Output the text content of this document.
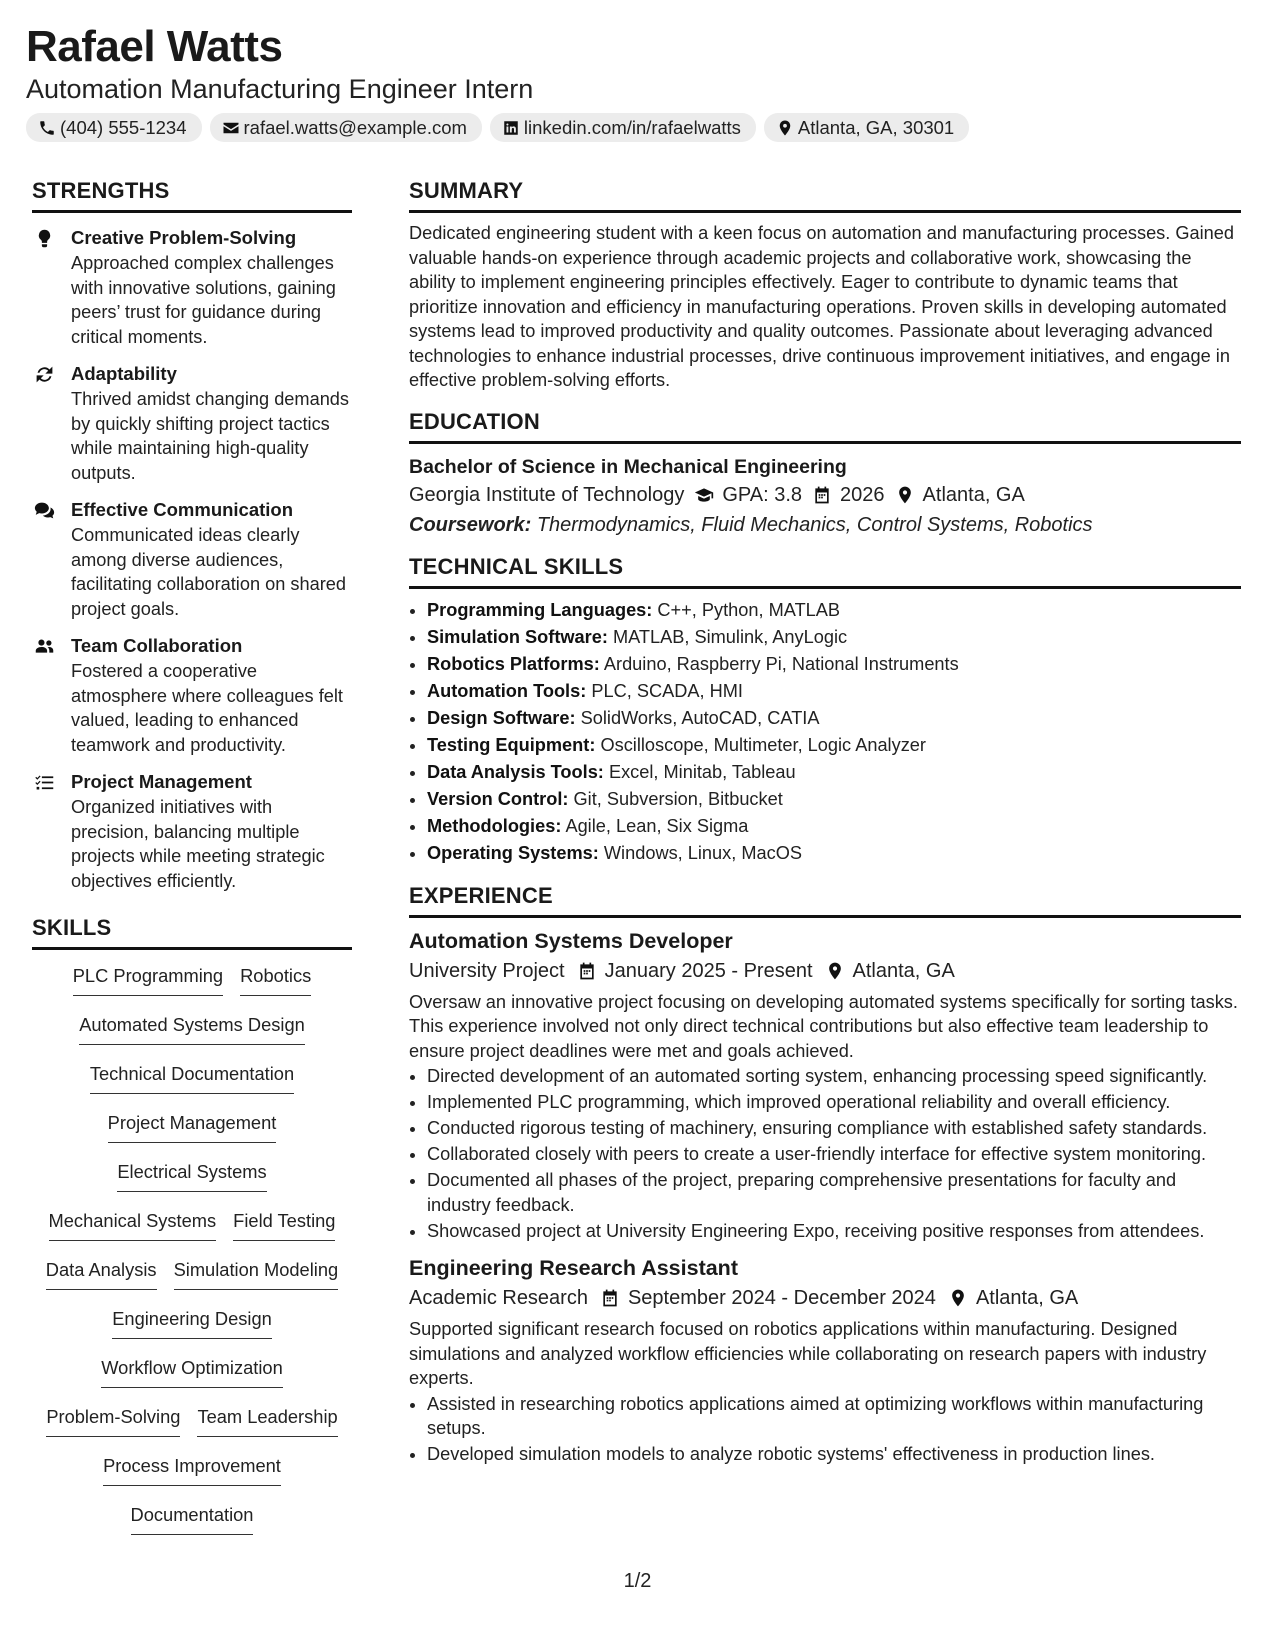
Rafael Watts
Automation Manufacturing Engineer Intern
(404) 555-1234	rafael.watts@example.com	linkedin.com/in/rafaelwatts	Atlanta, GA, 30301
STRENGTHS
Creative Problem-Solving
Approached complex challenges with innovative solutions, gaining peers’ trust for guidance during critical moments.
Adaptability
Thrived amidst changing demands by quickly shifting project tactics while maintaining high-quality outputs.
Effective Communication
Communicated ideas clearly among diverse audiences, facilitating collaboration on shared project goals.
Team Collaboration
Fostered a cooperative atmosphere where colleagues felt valued, leading to enhanced teamwork and productivity.
Project Management
Organized initiatives with precision, balancing multiple projects while meeting strategic objectives efficiently.
SKILLS
PLC Programming Robotics
Automated Systems Design
Technical Documentation
Project Management
Electrical Systems
Mechanical Systems Field Testing
Data Analysis Simulation Modeling
Engineering Design
Workflow Optimization
Problem-Solving Team Leadership
Process Improvement
Documentation
SUMMARY
Dedicated engineering student with a keen focus on automation and manufacturing processes. Gained valuable hands-on experience through academic projects and collaborative work, showcasing the ability to implement engineering principles effectively. Eager to contribute to dynamic teams that prioritize innovation and efficiency in manufacturing operations. Proven skills in developing automated systems lead to improved productivity and quality outcomes. Passionate about leveraging advanced technologies to enhance industrial processes, drive continuous improvement initiatives, and engage in effective problem-solving efforts.
EDUCATION
Bachelor of Science in Mechanical Engineering
Georgia Institute of Technology GPA: 3.8 2026 Atlanta, GA
Coursework: Thermodynamics, Fluid Mechanics, Control Systems, Robotics
TECHNICAL SKILLS
• Programming Languages: C++, Python, MATLAB
• Simulation Software: MATLAB, Simulink, AnyLogic
• Robotics Platforms: Arduino, Raspberry Pi, National Instruments
• Automation Tools: PLC, SCADA, HMI
• Design Software: SolidWorks, AutoCAD, CATIA
• Testing Equipment: Oscilloscope, Multimeter, Logic Analyzer
• Data Analysis Tools: Excel, Minitab, Tableau
• Version Control: Git, Subversion, Bitbucket
• Methodologies: Agile, Lean, Six Sigma
• Operating Systems: Windows, Linux, MacOS
EXPERIENCE
Automation Systems Developer
University Project January 2025 - Present Atlanta, GA
Oversaw an innovative project focusing on developing automated systems specifically for sorting tasks. This experience involved not only direct technical contributions but also effective team leadership to ensure project deadlines were met and goals achieved.
• Directed development of an automated sorting system, enhancing processing speed significantly.
• Implemented PLC programming, which improved operational reliability and overall efficiency.
• Conducted rigorous testing of machinery, ensuring compliance with established safety standards.
• Collaborated closely with peers to create a user-friendly interface for effective system monitoring.
• Documented all phases of the project, preparing comprehensive presentations for faculty and industry feedback.
• Showcased project at University Engineering Expo, receiving positive responses from attendees.
Engineering Research Assistant
Academic Research September 2024 - December 2024 Atlanta, GA
Supported significant research focused on robotics applications within manufacturing. Designed simulations and analyzed workflow efficiencies while collaborating on research papers with industry experts.
• Assisted in researching robotics applications aimed at optimizing workflows within manufacturing setups.
• Developed simulation models to analyze robotic systems' effectiveness in production lines.
1/2
